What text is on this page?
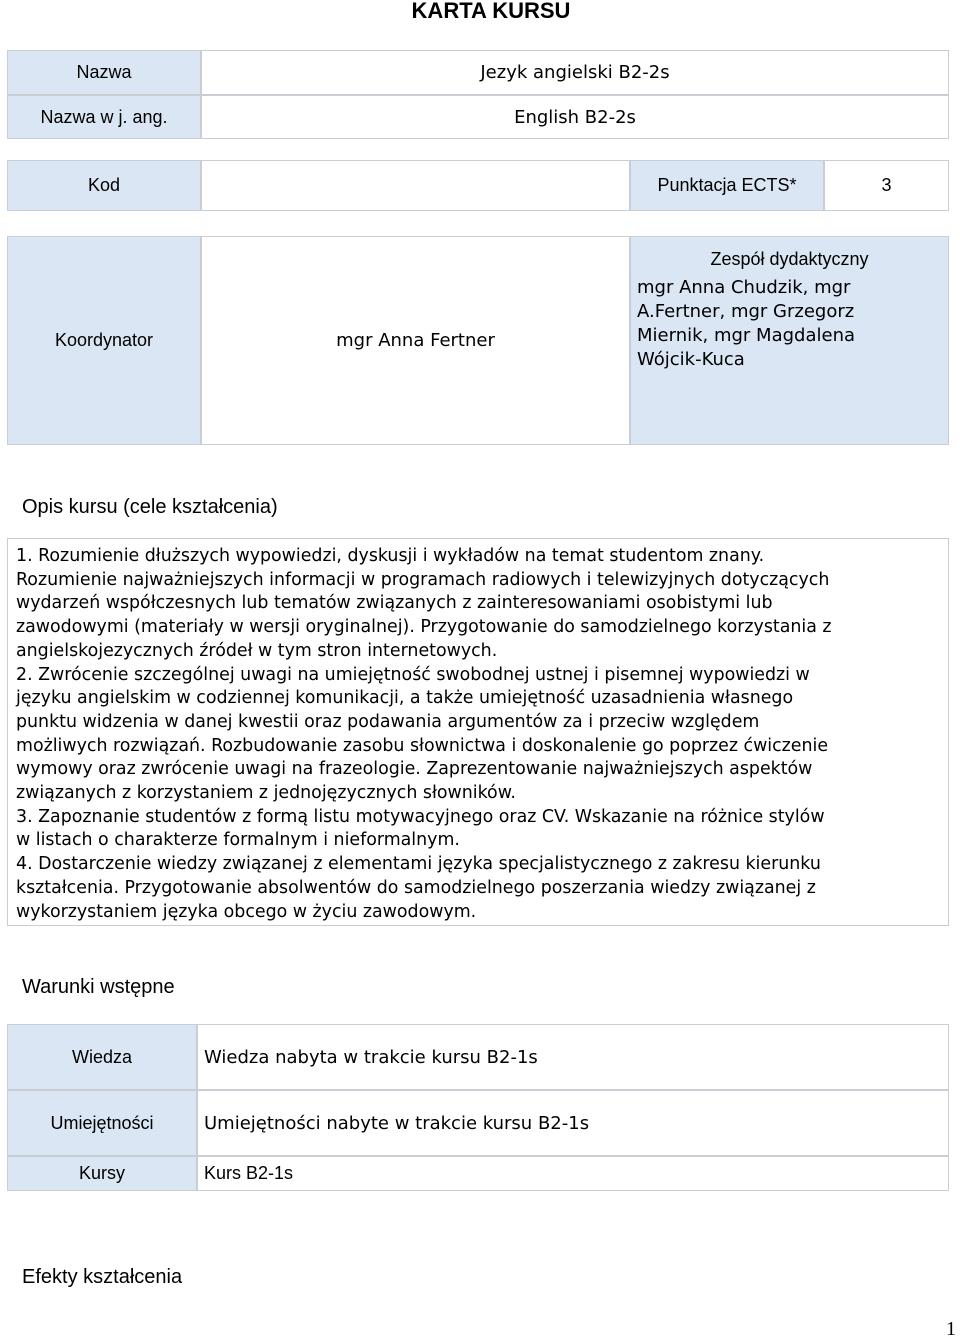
KARTA KURSU
Nazwa	Jezyk angielski B2-2s
Nazwa w j. ang.	English B2-2s
Kod	Punktacja ECTS*	3
Koordynator	mgr Anna Fertner
Zespół dydaktyczny
mgr Anna Chudzik, mgr
A.Fertner, mgr Grzegorz
Miernik, mgr Magdalena
Wójcik-Kuca
Opis kursu (cele kształcenia)
1. Rozumienie dłuższych wypowiedzi, dyskusji i wykładów na temat studentom znany.
Rozumienie najważniejszych informacji w programach radiowych i telewizyjnych dotyczących
wydarzeń współczesnych lub tematów związanych z zainteresowaniami osobistymi lub
zawodowymi (materiały w wersji oryginalnej). Przygotowanie do samodzielnego korzystania z
angielskojezycznych źródeł w tym stron internetowych.
2. Zwrócenie szczególnej uwagi na umiejętność swobodnej ustnej i pisemnej wypowiedzi w
języku angielskim w codziennej komunikacji, a także umiejętność uzasadnienia własnego
punktu widzenia w danej kwestii oraz podawania argumentów za i przeciw względem
możliwych rozwiązań. Rozbudowanie zasobu słownictwa i doskonalenie go poprzez ćwiczenie
wymowy oraz zwrócenie uwagi na frazeologie. Zaprezentowanie najważniejszych aspektów
związanych z korzystaniem z jednojęzycznych słowników.
3. Zapoznanie studentów z formą listu motywacyjnego oraz CV. Wskazanie na różnice stylów
w listach o charakterze formalnym i nieformalnym.
4. Dostarczenie wiedzy związanej z elementami języka specjalistycznego z zakresu kierunku
kształcenia. Przygotowanie absolwentów do samodzielnego poszerzania wiedzy związanej z
wykorzystaniem języka obcego w życiu zawodowym.
Warunki wstępne
Wiedza	Wiedza nabyta w trakcie kursu B2-1s
Umiejętności	Umiejętności nabyte w trakcie kursu B2-1s
Kursy	Kurs B2-1s
Efekty kształcenia
1
